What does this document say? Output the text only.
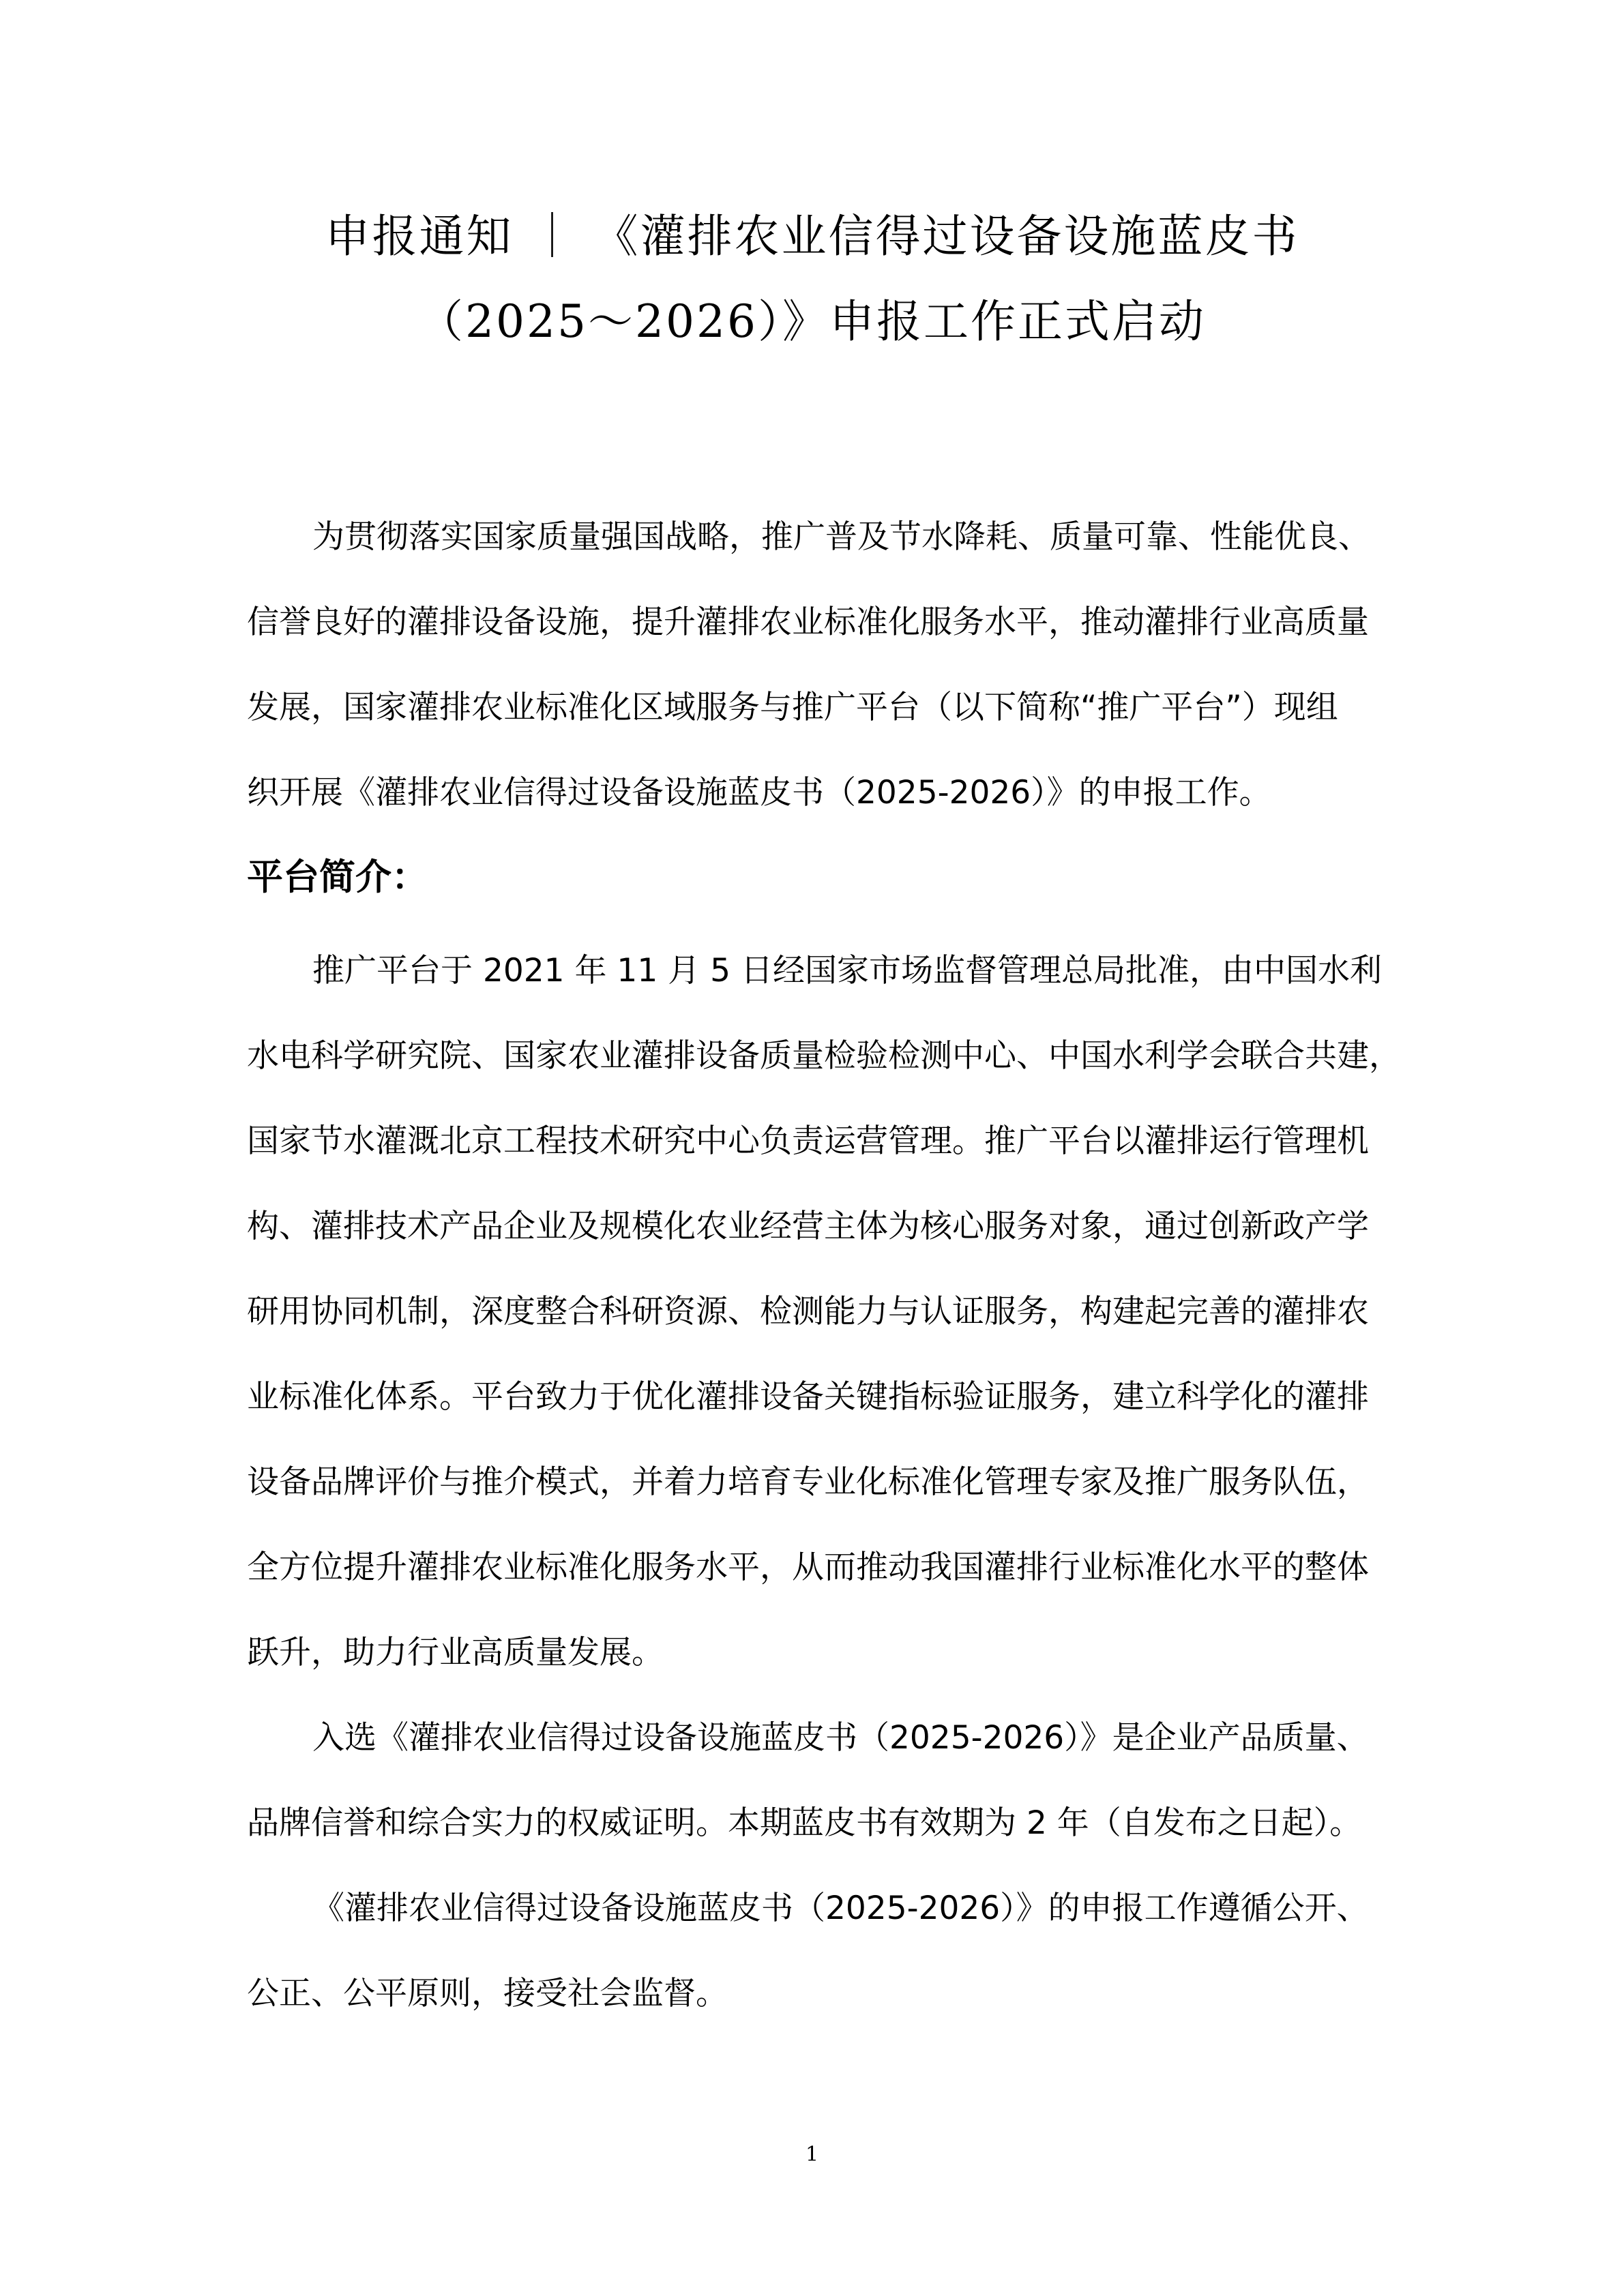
申报通知 ｜ 《灌排农业信得过设备设施蓝皮书
（2025～2026）》申报工作正式启动
为贯彻落实国家质量强国战略，推广普及节水降耗、质量可靠、性能优良、
信誉良好的灌排设备设施，提升灌排农业标准化服务水平，推动灌排行业高质量
发展，国家灌排农业标准化区域服务与推广平台（以下简称“推广平台”）现组
织开展《灌排农业信得过设备设施蓝皮书（2025-2026）》的申报工作。
平台简介：
推广平台于 2021 年 11 月 5 日经国家市场监督管理总局批准，由中国水利
水电科学研究院、国家农业灌排设备质量检验检测中心、中国水利学会联合共建，
国家节水灌溉北京工程技术研究中心负责运营管理。推广平台以灌排运行管理机
构、灌排技术产品企业及规模化农业经营主体为核心服务对象，通过创新政产学
研用协同机制，深度整合科研资源、检测能力与认证服务，构建起完善的灌排农
业标准化体系。平台致力于优化灌排设备关键指标验证服务，建立科学化的灌排
设备品牌评价与推介模式，并着力培育专业化标准化管理专家及推广服务队伍，
全方位提升灌排农业标准化服务水平，从而推动我国灌排行业标准化水平的整体
跃升，助力行业高质量发展。
入选《灌排农业信得过设备设施蓝皮书（2025-2026）》是企业产品质量、
品牌信誉和综合实力的权威证明。本期蓝皮书有效期为 2 年（自发布之日起）。
《灌排农业信得过设备设施蓝皮书（2025-2026）》的申报工作遵循公开、
公正、公平原则，接受社会监督。
1
